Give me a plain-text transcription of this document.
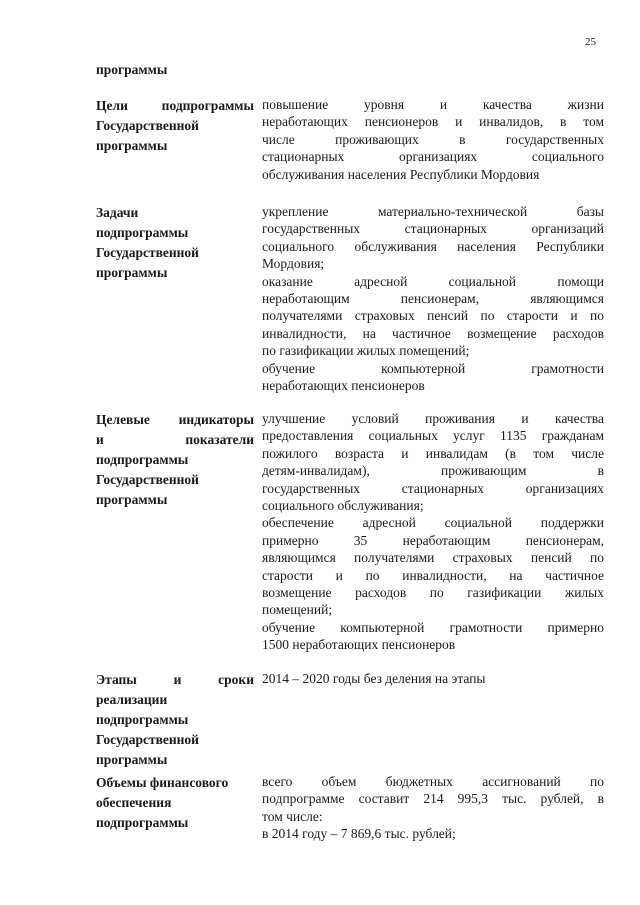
25
программы
Цели подпрограммы
Государственной
программы
повышение уровня и качества жизни
неработающих пенсионеров и инвалидов, в том
числе проживающих в государственных
стационарных организациях социального
обслуживания населения Республики Мордовия
Задачи
подпрограммы
Государственной
программы
укрепление материально-технической базы
государственных стационарных организаций
социального обслуживания населения Республики
Мордовия;
оказание адресной социальной помощи
неработающим пенсионерам, являющимся
получателями страховых пенсий по старости и по
инвалидности, на частичное возмещение расходов
по газификации жилых помещений;
обучение компьютерной грамотности
неработающих пенсионеров
Целевые индикаторы
и показатели
подпрограммы
Государственной
программы
улучшение условий проживания и качества
предоставления социальных услуг 1135 гражданам
пожилого возраста и инвалидам (в том числе
детям-инвалидам), проживающим в
государственных стационарных организациях
социального обслуживания;
обеспечение адресной социальной поддержки
примерно 35 неработающим пенсионерам,
являющимся получателями страховых пенсий по
старости и по инвалидности, на частичное
возмещение расходов по газификации жилых
помещений;
обучение компьютерной грамотности примерно
1500 неработающих пенсионеров
Этапы и сроки
реализации
подпрограммы
Государственной
программы
2014 – 2020 годы без деления на этапы
Объемы финансового
обеспечения
подпрограммы
всего объем бюджетных ассигнований по
подпрограмме составит 214 995,3 тыс. рублей, в
том числе:
в 2014 году – 7 869,6 тыс. рублей;
